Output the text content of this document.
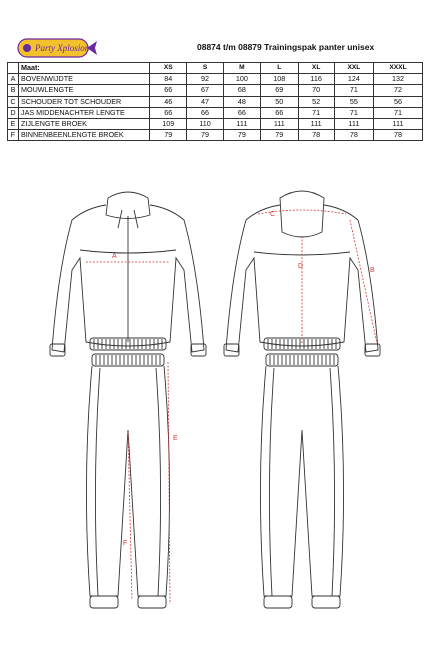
Party Xplosion	08874 t/m 08879 Trainingspak panter unisex
	Maat:	XS	S	M	L	XL	XXL	XXXL
A	BOVENWIJDTE	84	92	100	108	116	124	132
B	MOUWLENGTE	66	67	68	69	70	71	72
C	SCHOUDER TOT SCHOUDER	46	47	48	50	52	55	56
D	JAS MIDDENACHTER LENGTE	66	66	66	66	71	71	71
E	ZIJLENGTE BROEK	109	110	111	111	111	111	111
F	BINNENBEENLENGTE BROEK	79	79	79	79	78	78	78
A
B
C
D
E
F
